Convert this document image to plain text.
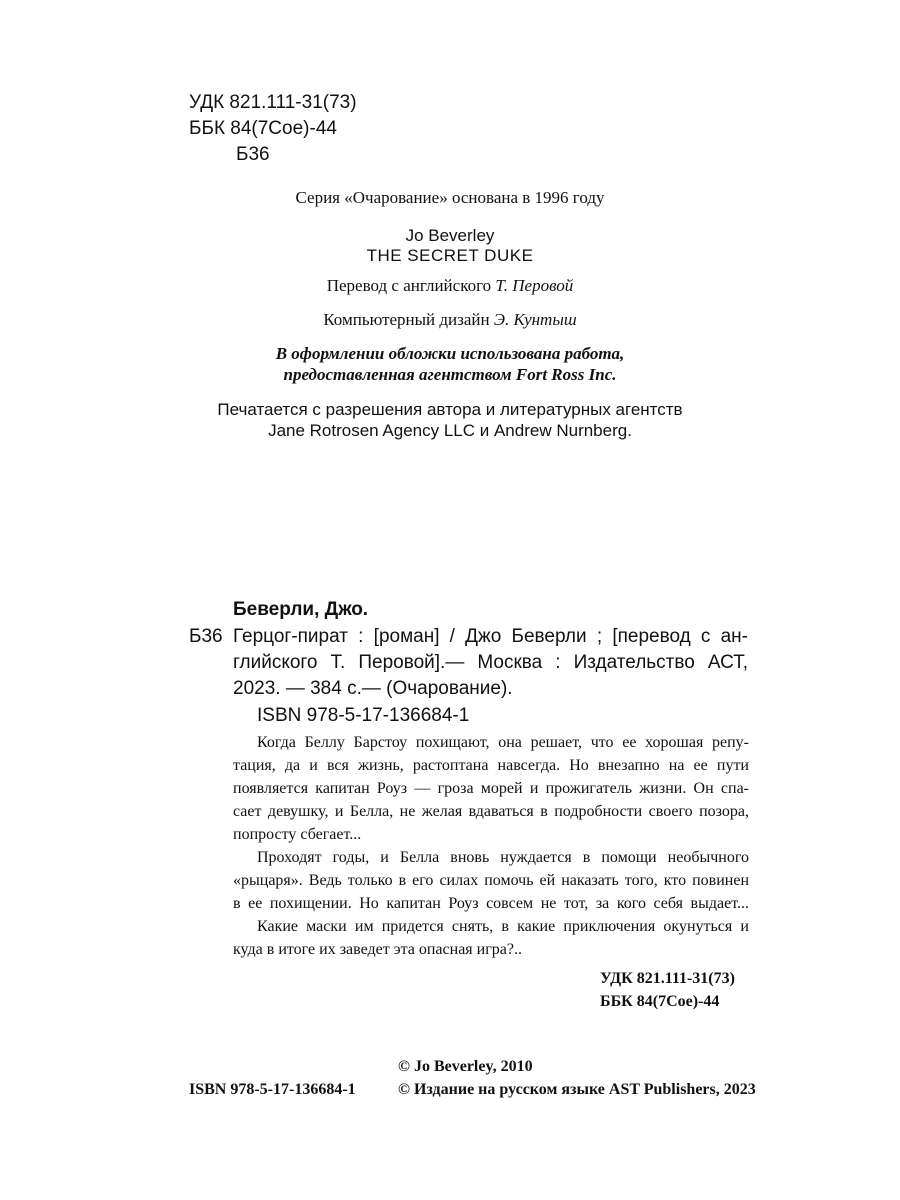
УДК 821.111-31(73)
ББК 84(7Сое)-44
Б36
Серия «Очарование» основана в 1996 году
Jo Beverley
THE SECRET DUKE
Перевод с английского Т. Перовой
Компьютерный дизайн Э. Кунтыш
В оформлении обложки использована работа,
предоставленная агентством Fort Ross Inc.
Печатается с разрешения автора и литературных агентств
Jane Rotrosen Agency LLC и Andrew Nurnberg.
Беверли, Джо.
Б36 Герцог-пират : [роман] / Джо Беверли ; [перевод с ан-
глийского Т. Перовой].— Москва : Издательство АСТ,
2023. — 384 с.— (Очарование).
ISBN 978-5-17-136684-1
Когда Беллу Барстоу похищают, она решает, что ее хорошая репу-
тация, да и вся жизнь, растоптана навсегда. Но внезапно на ее пути
появляется капитан Роуз — гроза морей и прожигатель жизни. Он спа-
сает девушку, и Белла, не желая вдаваться в подробности своего позора,
попросту сбегает...
Проходят годы, и Белла вновь нуждается в помощи необычного
«рыцаря». Ведь только в его силах помочь ей наказать того, кто повинен
в ее похищении. Но капитан Роуз совсем не тот, за кого себя выдает...
Какие маски им придется снять, в какие приключения окунуться и
куда в итоге их заведет эта опасная игра?..
УДК 821.111-31(73)
ББК 84(7Сое)-44
© Jo Beverley, 2010
ISBN 978-5-17-136684-1	© Издание на русском языке AST Publishers, 2023
